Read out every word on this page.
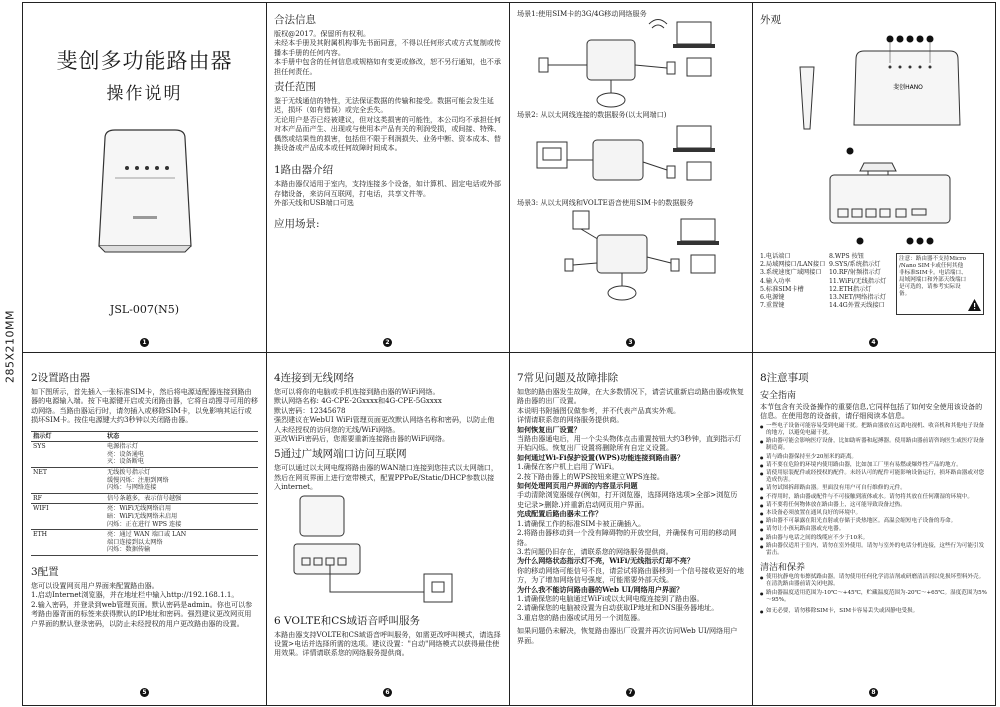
285X210MM
斐创多功能路由器
操作说明
JSL-007(N5)
1
合法信息

版权@2017。保留所有权利。

未经本手册及其附属机构事先书面同意，不得以任何形式或方式复制或传播本手册的任何内容。

本手册中包含的任何信息或规格如有变更或修改，恕不另行通知，也不承担任何责任。

责任范围

鉴于无线通信的特性，无法保证数据的传输和接受。数据可能会发生延迟，损坏（如有错误）或完全丢失。

无论用户是否已经被建议，但对这类损害的可能性，本公司均不承担任何对本产品而产生、出现或与使用本产品有关的利润受损，或间接、特殊、偶然或结果性的损害，包括但不限于利润损失、业务中断、资本成本、替换设备或产品成本或任何故障时间成本。

1路由器介绍

本路由器仅适用于室内，支持连接多个设备，如计算机、固定电话或外部存储设备，来访问互联网，打电话，共享文件等。

外部天线和USB端口可选

应用场景:
2

场景1:使用SIM卡的3G/4G移动网络服务

场景2: 从以太网线连接的数据服务(以太网端口)

场景3: 从以太网线和VOLTE语音使用SIM卡的数据服务

3
外观
斐创HANO

1.电话端口

2.局域网接口/LAN接口

3.系统速度广域网接口

4.输入功率

5.标准SIM卡槽

6.电源键

7.重置键

8.WPS 按钮

9.SYS/系统指示灯

10.RF/射频指示灯

11.WiFi/无线指示灯

12.ETH指示灯

13.NET/网络指示灯

14.4G外置天线接口

注意：路由器不支持Micro /Nano SIM卡或任何其他非标准SIM卡。电话端口、局域网端口和外部天线端口是可选的，请参考实际设备。

4
2设置路由器

如下图所示，首先插入一张标准SIM卡，然后将电源适配器连接到路由器的电源输入端。按下电源键开启或关闭路由器，它将自动搜寻可用的移动网络。当路由器运行时，请勿插入或移除SIM卡，以免影响其运行或损坏SIM卡。按住电源键大约3秒钟以关闭路由器。

指示灯	状态
SYS	电源指示灯
亮：设备通电
灭：设备断电

NET	无线拨号指示灯
缓慢闪烁：注册到网络
闪烁：与网络连接

RF	信号条越多，表示信号越强

WIFI	亮：WiFi无线网络启用
暗：WiFi无线网络未启用
闪烁：正在进行 WPS 连接

ETH	亮：通过 WAN 端口或 LAN
端口连接到以太网络
闪烁：数据传输
3配置

您可以设置网页用户界面来配置路由器。

1.启动Internet浏览器，并在地址栏中输入http://192.168.1.1。

2.输入密码，并登录到web管理页面。默认密码是admin。你也可以参考路由器背面的标签来获得默认的IP地址和密码。强烈建议更改网页用户界面的默认登录密码，以防止未经授权的用户更改路由器的设置。

5
4连接到无线网络

您可以将你的电脑或手机连接到路由器的WiFi网络。

默认网络名称: 4G-CPE-2Gxxxx和4G-CPE-5Gxxxx

默认密码：12345678

强烈建议在WebUI WiFi管理页面更改默认网络名称和密码，以防止他人未经授权的访问您的无线/WiFi网络。

更改WiFi密码后，您需要重新连接路由器的WiFi网络。

5通过广域网端口访问互联网

您可以通过以太网电缆将路由器的WAN端口连接到您挂式以太网端口，然后在网页界面上进行宽带模式，配置PPPoE/Static/DHCP参数以接入internet。

6 VOLTE和CS域语音呼叫服务

本路由器支持VOLTE和CS域语音呼叫服务，如需更改呼叫模式，请选择设置>电话并选择所需的选项。建议设置："自动"网络模式以获得最佳使用效果。详情请联系您的网络服务提供商。

6
7常见问题及故障排除

如您的路由器发生故障，在大多数情况下，请尝试重新启动路由器或恢复路由器的出厂设置。

本说明书附插图仅做参考，并不代表产品真实外观。

详情请联系您的网络服务提供商。

如何恢复出厂设置？

当路由器通电后，用一个尖头物体点击重置按钮大约3秒钟，直到指示灯开始闪烁。恢复出厂设置将删除所有自定义设置。

如何通过Wi-Fi保护设置(WPS)功能连接到路由器？

1.确保在客户机上启用了WiFi。

2.按下路由器上的WPS按钮来建立WPS连接。

如何处理网页用户界面的内容显示问题

手动清除浏览器缓存(例如，打开浏览器，选择网络选项>全部>浏览历史记录>删除.)并重新启动网页用户界面。

完成配置后路由器未工作？

1.请确保工作的标准SIM卡被正确插入。

2.将路由器移动到一个没有障碍物的开放空间，并确保有可用的移动网络。

3.若问题仍旧存在，请联系您的网络服务提供商。

为什么网络状态指示灯不亮，WiFi/无线指示灯却不亮？

你的移动网络可能信号不良，请尝试将路由器移到一个信号接收更好的地方，为了增加网络信号强度，可能需要外部天线。

为什么我不能访问路由器的Web UI/网络用户界面？

1.请确保您的电脑通过WiFi或以太网电缆连接到了路由器。

2.请确保您的电脑被设置为自动获取IP地址和DNS服务器地址。

3.重启您的路由器或试用另一个浏览器。

如果问题仍未解决，恢复路由器出厂设置并再次访问Web UI/网络用户界面。

7
8注意事项
安全指南

本节包含有关设备操作的重要信息,它同样包括了如何安全使用该设备的信息。在使用您的设备前，请仔细阅读本信息。

● 一些电子设备可能容易受到电磁干扰。把路由器放在远离电视机、收音机和其他电子设备的地方，以避免电磁干扰。

● 路由器可能会影响医疗设备，比如助听器和起搏器。使用路由器前请咨询医生或医疗设备制造商。

● 请与路由器保持至少20厘米的距离。

● 请不要在危险的环境内使用路由器，比如加工厂里有易燃或爆炸性产品的地方。

● 请使用原装配件或经授权的配件。未经认可的配件可能影响设备运行，损坏路由器或对您造成伤害。

● 请勿试图拆卸路由器。里面没有用户可自行维修的元件。

● 不得用时，路由器或配件与不可接触到液体或水。请勿将其放在任何潮湿的环境中。

● 请不要将任何物体放在路由器上，这可能导致设备过热。

● 本设备必须放置在通风良好的环境中。

● 路由器不可暴露在阳光直射或存储于炎热地区。高温会缩短电子设备的寿命。

● 请勿让小孩玩路由器或充电器。

● 路由器与电话之间的线缆应不少于10米。

● 路由器仅适用于室内，请勿在室外使用。请勿与室外的电话分机连接，这些行为可能引发雷击。

清洁和保养

● 使用抗静电的布擦拭路由器。请勿使用任何化学清洁剂或研磨清洁剂以免损坏塑料外壳。在清洗路由器前请关闭电源。

● 路由器温度适用范围为-10℃～+45℃，贮藏温度范围为-20℃～+65℃。湿度范围为5%～95%。

● 如无必要，请勿移除SIM卡，SIM卡容易丢失或因静电受损。

8
